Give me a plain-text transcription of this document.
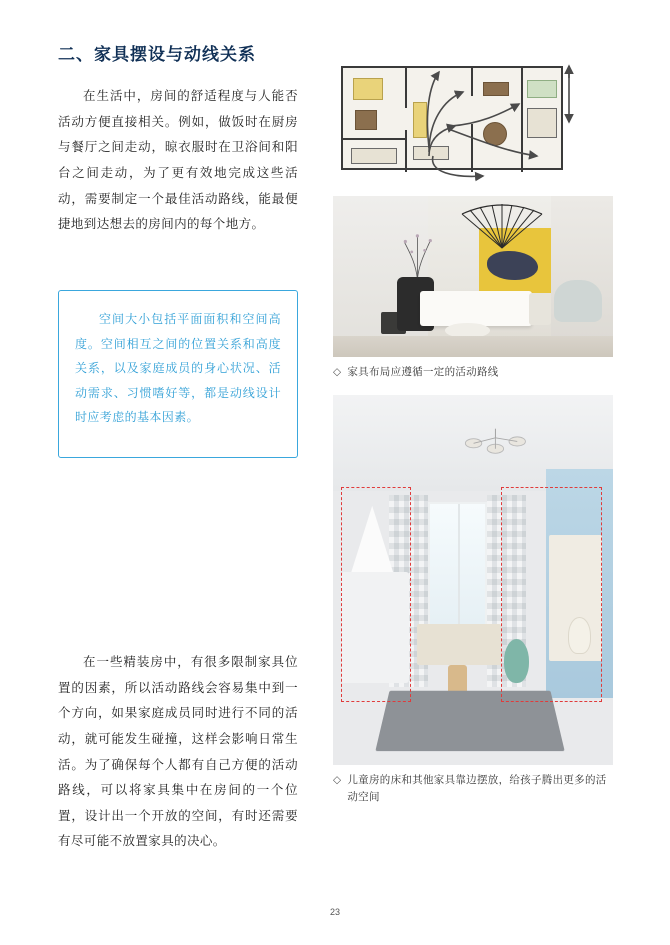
二、家具摆设与动线关系

在生活中，房间的舒适程度与人能否活动方便直接相关。例如，做饭时在厨房与餐厅之间走动，晾衣服时在卫浴间和阳台之间走动，为了更有效地完成这些活动，需要制定一个最佳活动路线，能最便捷地到达想去的房间内的每个地方。

空间大小包括平面面积和空间高度。空间相互之间的位置关系和高度关系，以及家庭成员的身心状况、活动需求、习惯嗜好等，都是动线设计时应考虑的基本因素。

在一些精装房中，有很多限制家具位置的因素，所以活动路线会容易集中到一个方向，如果家庭成员同时进行不同的活动，就可能发生碰撞，这样会影响日常生活。为了确保每个人都有自己方便的活动路线，可以将家具集中在房间的一个位置，设计出一个开放的空间，有时还需要有尽可能不放置家具的决心。

◇ 家具布局应遵循一定的活动路线
◇ 儿童房的床和其他家具靠边摆放，给孩子腾出更多的活动空间
23
